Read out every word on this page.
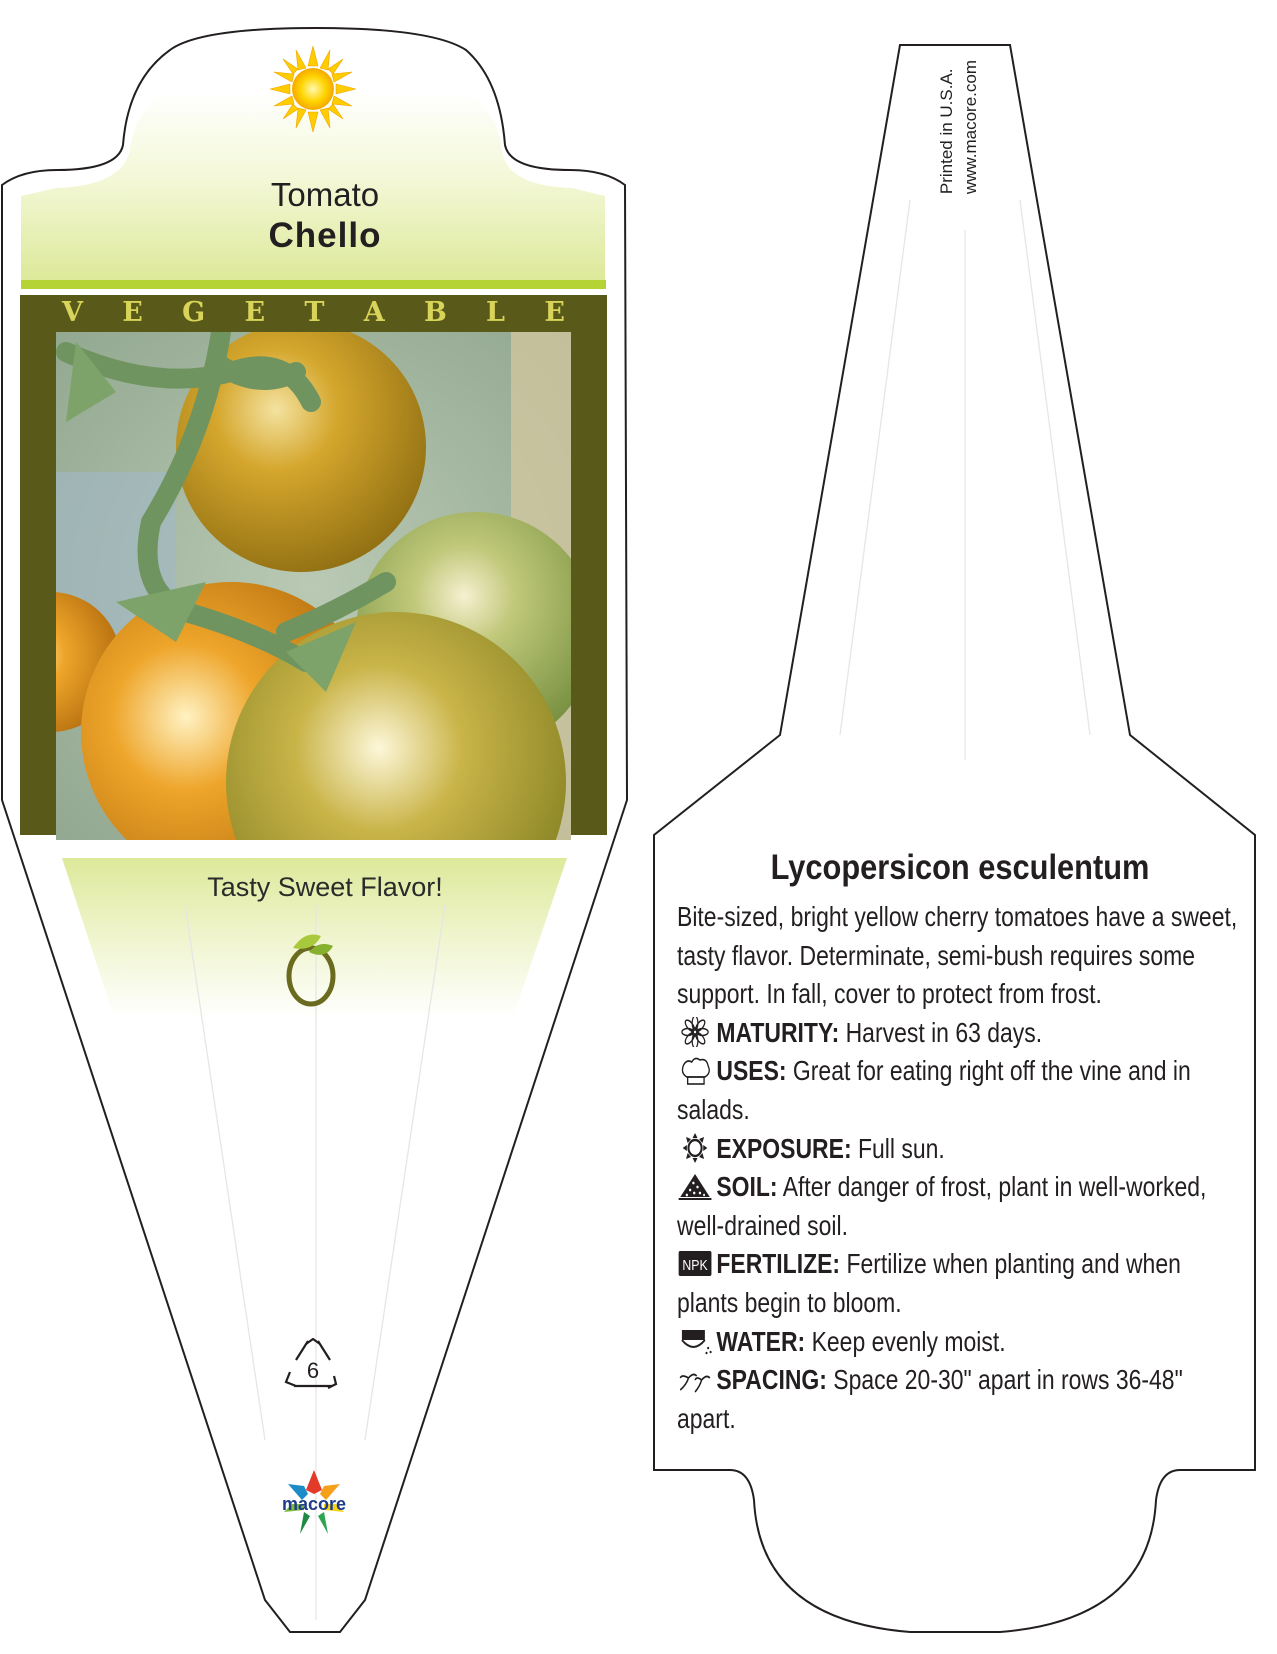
Tomato
Chello
V E G E T A B L E
Tasty Sweet Flavor!
6
macore
Printed in U.S.A. www.macore.com
Lycopersicon esculentum
Bite-sized, bright yellow cherry tomatoes have a sweet,
tasty flavor. Determinate, semi-bush requires some
support. In fall, cover to protect from frost.
MATURITY: Harvest in 63 days.
USES: Great for eating right off the vine and in
salads.
EXPOSURE: Full sun.
SOIL: After danger of frost, plant in well-worked,
well-drained soil.
NPK FERTILIZE: Fertilize when planting and when
plants begin to bloom.
WATER: Keep evenly moist.
SPACING: Space 20-30" apart in rows 36-48"
apart.
